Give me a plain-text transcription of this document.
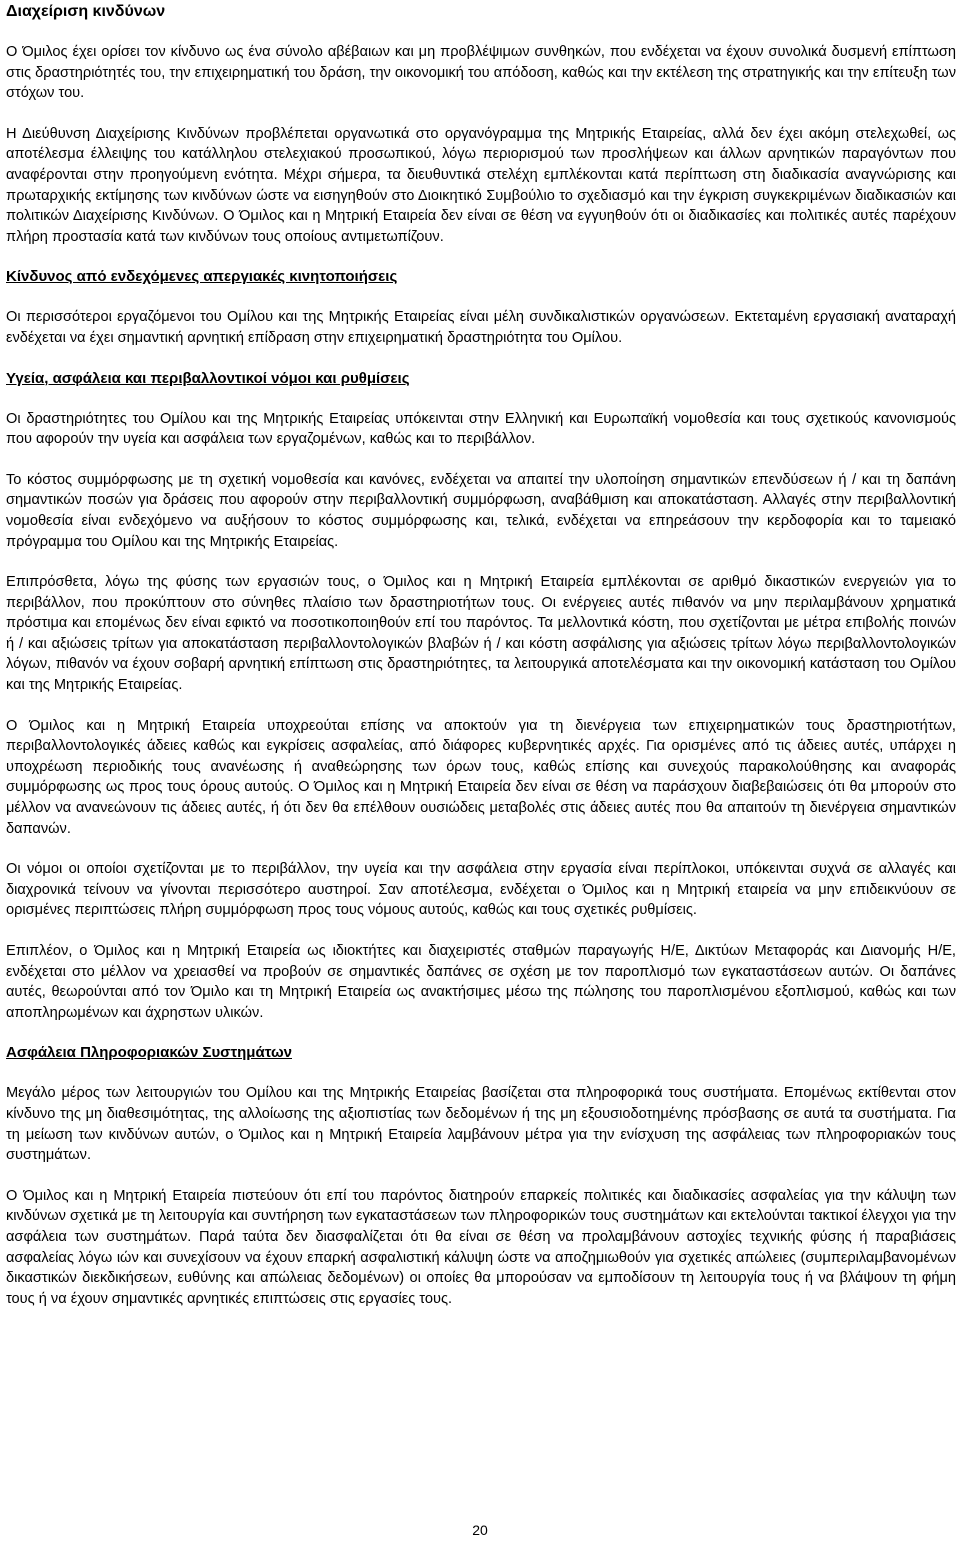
Διαχείριση κινδύνων

Ο Όμιλος έχει ορίσει τον κίνδυνο ως ένα σύνολο αβέβαιων και μη προβλέψιμων συνθηκών, που ενδέχεται να έχουν συνολικά δυσμενή επίπτωση στις δραστηριότητές του, την επιχειρηματική του δράση, την οικονομική του απόδοση, καθώς και την εκτέλεση της στρατηγικής και την επίτευξη των στόχων του.

Η Διεύθυνση Διαχείρισης Κινδύνων προβλέπεται οργανωτικά στο οργανόγραμμα της Μητρικής Εταιρείας, αλλά δεν έχει ακόμη στελεχωθεί, ως αποτέλεσμα έλλειψης του κατάλληλου στελεχιακού προσωπικού, λόγω περιορισμού των προσλήψεων και άλλων αρνητικών παραγόντων που αναφέρονται στην προηγούμενη ενότητα. Μέχρι σήμερα, τα διευθυντικά στελέχη εμπλέκονται κατά περίπτωση στη διαδικασία αναγνώρισης και πρωταρχικής εκτίμησης των κινδύνων ώστε να εισηγηθούν στο Διοικητικό Συμβούλιο το σχεδιασμό και την έγκριση συγκεκριμένων διαδικασιών και πολιτικών Διαχείρισης Κινδύνων. Ο Όμιλος και η Μητρική Εταιρεία δεν είναι σε θέση να εγγυηθούν ότι οι διαδικασίες και πολιτικές αυτές παρέχουν πλήρη προστασία κατά των κινδύνων τους οποίους αντιμετωπίζουν.

Κίνδυνος από ενδεχόμενες απεργιακές κινητοποιήσεις

Οι περισσότεροι εργαζόμενοι του Ομίλου και της Μητρικής Εταιρείας είναι μέλη συνδικαλιστικών οργανώσεων. Εκτεταμένη εργασιακή αναταραχή ενδέχεται να έχει σημαντική αρνητική επίδραση στην επιχειρηματική δραστηριότητα του Ομίλου.

Υγεία, ασφάλεια και περιβαλλοντικοί νόμοι και ρυθμίσεις

Οι δραστηριότητες του Ομίλου και της Μητρικής Εταιρείας υπόκεινται στην Ελληνική και Ευρωπαϊκή νομοθεσία και τους σχετικούς κανονισμούς που αφορούν την υγεία και ασφάλεια των εργαζομένων, καθώς και το περιβάλλον.

Το κόστος συμμόρφωσης με τη σχετική νομοθεσία και κανόνες, ενδέχεται να απαιτεί την υλοποίηση σημαντικών επενδύσεων ή / και τη δαπάνη σημαντικών ποσών για δράσεις που αφορούν στην περιβαλλοντική συμμόρφωση, αναβάθμιση και αποκατάσταση. Αλλαγές στην περιβαλλοντική νομοθεσία είναι ενδεχόμενο να αυξήσουν το κόστος συμμόρφωσης και, τελικά, ενδέχεται να επηρεάσουν την κερδοφορία και το ταμειακό πρόγραμμα του Ομίλου και της Μητρικής Εταιρείας.

Επιπρόσθετα, λόγω της φύσης των εργασιών τους, ο Όμιλος και η Μητρική Εταιρεία εμπλέκονται σε αριθμό δικαστικών ενεργειών για το περιβάλλον, που προκύπτουν στο σύνηθες πλαίσιο των δραστηριοτήτων τους. Οι ενέργειες αυτές πιθανόν να μην περιλαμβάνουν χρηματικά πρόστιμα και επομένως δεν είναι εφικτό να ποσοτικοποιηθούν επί του παρόντος. Τα μελλοντικά κόστη, που σχετίζονται με μέτρα επιβολής ποινών ή / και αξιώσεις τρίτων για αποκατάσταση περιβαλλοντολογικών βλαβών ή / και κόστη ασφάλισης για αξιώσεις τρίτων λόγω περιβαλλοντολογικών λόγων, πιθανόν να έχουν σοβαρή αρνητική επίπτωση στις δραστηριότητες, τα λειτουργικά αποτελέσματα και την οικονομική κατάσταση του Ομίλου και της Μητρικής Εταιρείας.

Ο Όμιλος και η Μητρική Εταιρεία υποχρεούται επίσης να αποκτούν για τη διενέργεια των επιχειρηματικών τους δραστηριοτήτων, περιβαλλοντολογικές άδειες καθώς και εγκρίσεις ασφαλείας, από διάφορες κυβερνητικές αρχές. Για ορισμένες από τις άδειες αυτές, υπάρχει η υποχρέωση περιοδικής τους ανανέωσης ή αναθεώρησης των όρων τους, καθώς επίσης και συνεχούς παρακολούθησης και αναφοράς συμμόρφωσης ως προς τους όρους αυτούς. Ο Όμιλος και η Μητρική Εταιρεία δεν είναι σε θέση να παράσχουν διαβεβαιώσεις ότι θα μπορούν στο μέλλον να ανανεώνουν τις άδειες αυτές, ή ότι δεν θα επέλθουν ουσιώδεις μεταβολές στις άδειες αυτές που θα απαιτούν τη διενέργεια σημαντικών δαπανών.

Οι νόμοι οι οποίοι σχετίζονται με το περιβάλλον, την υγεία και την ασφάλεια στην εργασία είναι περίπλοκοι, υπόκεινται συχνά σε αλλαγές και διαχρονικά τείνουν να γίνονται περισσότερο αυστηροί. Σαν αποτέλεσμα, ενδέχεται ο Όμιλος και η Μητρική εταιρεία να μην επιδεικνύουν σε ορισμένες περιπτώσεις πλήρη συμμόρφωση προς τους νόμους αυτούς, καθώς και τους σχετικές ρυθμίσεις.

Επιπλέον, ο Όμιλος και η Μητρική Εταιρεία ως ιδιοκτήτες και διαχειριστές σταθμών παραγωγής Η/Ε, Δικτύων Μεταφοράς και Διανομής Η/Ε, ενδέχεται στο μέλλον να χρειασθεί να προβούν σε σημαντικές δαπάνες σε σχέση με τον παροπλισμό των εγκαταστάσεων αυτών. Οι δαπάνες αυτές, θεωρούνται από τον Όμιλο και τη Μητρική Εταιρεία ως ανακτήσιμες μέσω της πώλησης του παροπλισμένου εξοπλισμού, καθώς και των αποπληρωμένων και άχρηστων υλικών.

Ασφάλεια Πληροφοριακών Συστημάτων

Μεγάλο μέρος των λειτουργιών του Ομίλου και της Μητρικής Εταιρείας βασίζεται στα πληροφορικά τους συστήματα. Επομένως εκτίθενται στον κίνδυνο της μη διαθεσιμότητας, της αλλοίωσης της αξιοπιστίας των δεδομένων ή της μη εξουσιοδοτημένης πρόσβασης σε αυτά τα συστήματα. Για τη μείωση των κινδύνων αυτών, ο Όμιλος και η Μητρική Εταιρεία λαμβάνουν μέτρα για την ενίσχυση της ασφάλειας των πληροφοριακών τους συστημάτων.

Ο Όμιλος και η Μητρική Εταιρεία πιστεύουν ότι επί του παρόντος διατηρούν επαρκείς πολιτικές και διαδικασίες ασφαλείας για την κάλυψη των κινδύνων σχετικά με τη λειτουργία και συντήρηση των εγκαταστάσεων των πληροφορικών τους συστημάτων και εκτελούνται τακτικοί έλεγχοι για την ασφάλεια των συστημάτων. Παρά ταύτα δεν διασφαλίζεται ότι θα είναι σε θέση να προλαμβάνουν αστοχίες τεχνικής φύσης ή παραβιάσεις ασφαλείας λόγω ιών και συνεχίσουν να έχουν επαρκή ασφαλιστική κάλυψη ώστε να αποζημιωθούν για σχετικές απώλειες (συμπεριλαμβανομένων δικαστικών διεκδικήσεων, ευθύνης και απώλειας δεδομένων) οι οποίες θα μπορούσαν να εμποδίσουν τη λειτουργία τους ή να βλάψουν τη φήμη τους ή να έχουν σημαντικές αρνητικές επιπτώσεις στις εργασίες τους.

20
